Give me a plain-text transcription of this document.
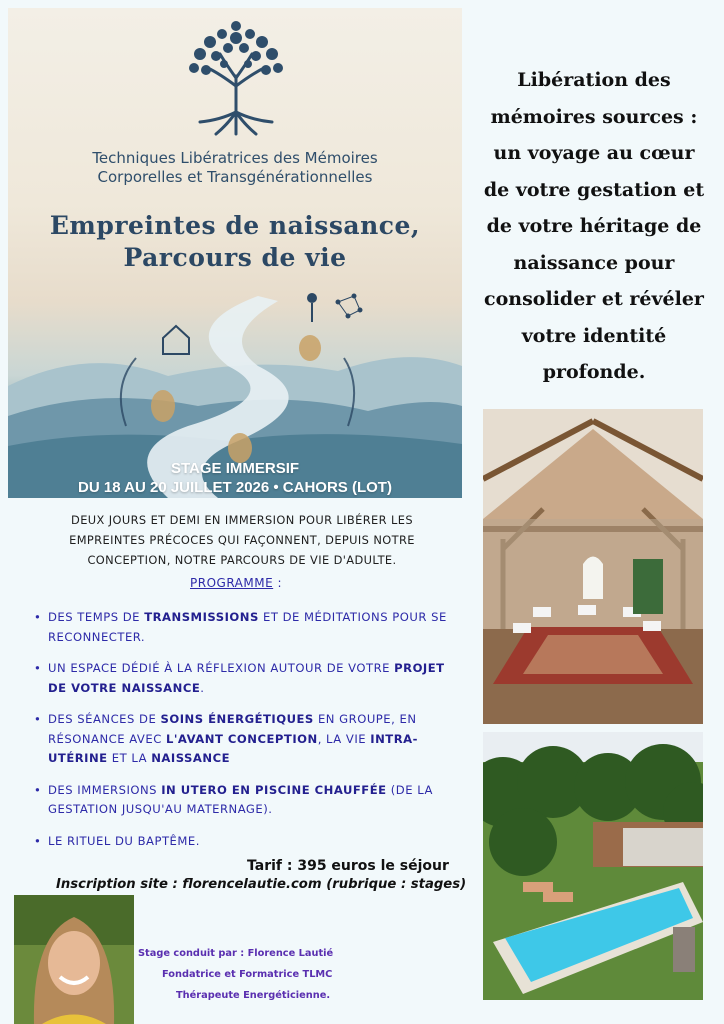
Techniques Libératrices des Mémoires
Corporelles et Transgénérationnelles
Empreintes de naissance,
Parcours de vie
STAGE IMMERSIF
DU 18 AU 20 JUILLET 2026 • CAHORS (LOT)
Libération des
mémoires sources :
un voyage au cœur
de votre gestation et
de votre héritage de
naissance pour
consolider et révéler
votre identité
profonde.
DEUX JOURS ET DEMI EN IMMERSION POUR LIBÉRER LES
EMPREINTES PRÉCOCES QUI FAÇONNENT, DEPUIS NOTRE
CONCEPTION, NOTRE PARCOURS DE VIE D'ADULTE.
PROGRAMME :
• DES TEMPS DE TRANSMISSIONS ET DE MÉDITATIONS POUR SE RECONNECTER.
• UN ESPACE DÉDIÉ À LA RÉFLEXION AUTOUR DE VOTRE PROJET DE VOTRE NAISSANCE.
• DES SÉANCES DE SOINS ÉNERGÉTIQUES EN GROUPE, EN RÉSONANCE AVEC L'AVANT CONCEPTION, LA VIE INTRA-UTÉRINE ET LA NAISSANCE
• DES IMMERSIONS IN UTERO EN PISCINE CHAUFFÉE (DE LA GESTATION JUSQU'AU MATERNAGE).
• LE RITUEL DU BAPTÊME.
Tarif : 395 euros le séjour
Inscription site : florencelautie.com (rubrique : stages)
Stage conduit par : Florence Lautié
Fondatrice et Formatrice TLMC
Thérapeute Energéticienne.
